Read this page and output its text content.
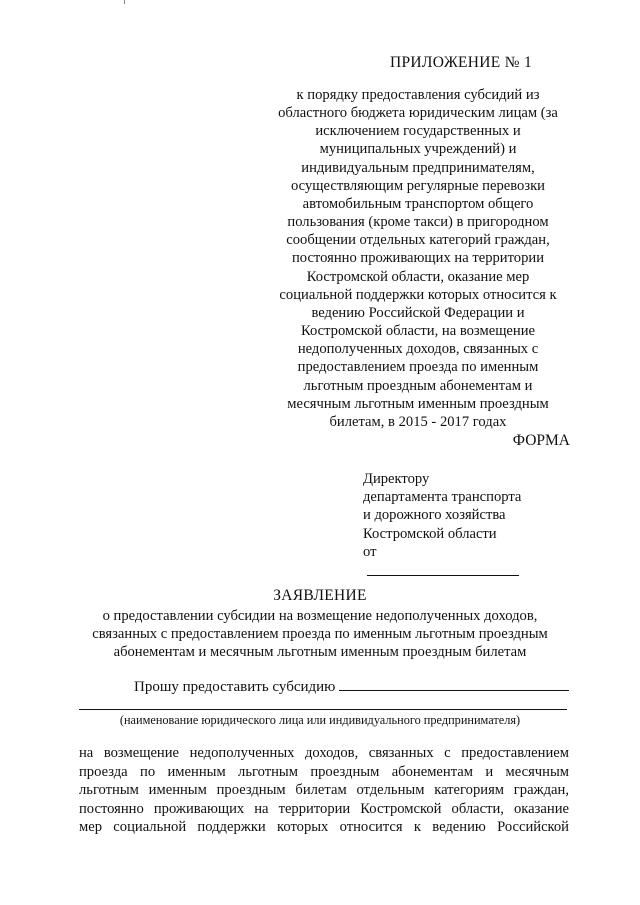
ПРИЛОЖЕНИЕ № 1

к порядку предоставления субсидий из
областного бюджета юридическим лицам (за
исключением государственных и
муниципальных учреждений) и
индивидуальным предпринимателям,
осуществляющим регулярные перевозки
автомобильным транспортом общего
пользования (кроме такси) в пригородном
сообщении отдельных категорий граждан,
постоянно проживающих на территории
Костромской области, оказание мер
социальной поддержки которых относится к
ведению Российской Федерации и
Костромской области, на возмещение
недополученных доходов, связанных с
предоставлением проезда по именным
льготным проездным абонементам и
месячным льготным именным проездным
билетам, в 2015 - 2017 годах

ФОРМА
Директору
департамента транспорта
и дорожного хозяйства
Костромской области
от
ЗАЯВЛЕНИЕ
о предоставлении субсидии на возмещение недополученных доходов,
связанных с предоставлением проезда по именным льготным проездным
абонементам и месячным льготным именным проездным билетам
Прошу предоставить субсидию
(наименование юридического лица или индивидуального предпринимателя)
на возмещение недополученных доходов, связанных с предоставлением
проезда по именным льготным проездным абонементам и месячным
льготным именным проездным билетам отдельным категориям граждан,
постоянно проживающих на территории Костромской области, оказание
мер социальной поддержки которых относится к ведению Российской
